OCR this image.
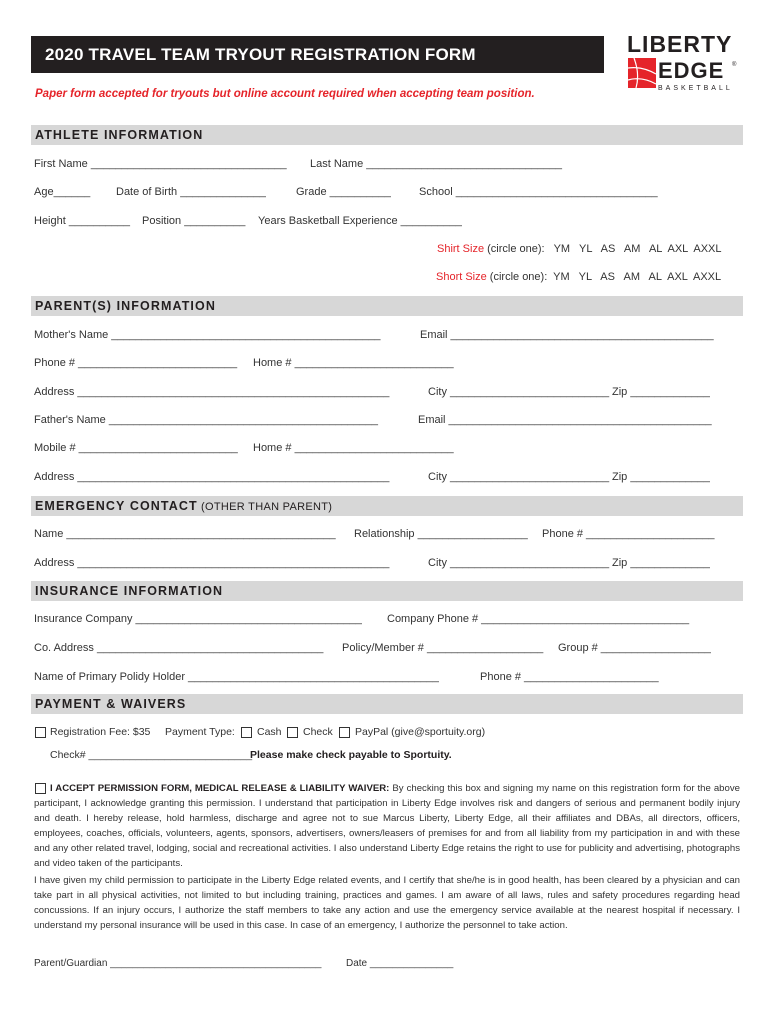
2020 TRAVEL TEAM TRYOUT REGISTRATION FORM	LIBERTY
EDGE ®
BASKETBALL
Paper form accepted for tryouts but online account required when accepting team position.
ATHLETE INFORMATION
First Name ________________________________ Last Name ________________________________
Age______ Date of Birth ______________	Grade __________	School _________________________________
Height __________ Position __________ Years Basketball Experience __________
Shirt Size (circle one):   YM   YL   AS   AM   AL  AXL  AXXL
Short Size (circle one):  YM   YL   AS   AM   AL  AXL  AXXL
PARENT(S) INFORMATION
Mother's Name ____________________________________________	Email ___________________________________________
Phone # __________________________ Home # __________________________
Address ___________________________________________________	City __________________________ Zip _____________
Father's Name ____________________________________________	Email ___________________________________________
Mobile # __________________________ Home # __________________________
Address ___________________________________________________	City __________________________ Zip _____________
EMERGENCY CONTACT (OTHER THAN PARENT)
Name ____________________________________________ Relationship __________________ Phone # _____________________
Address ___________________________________________________	City __________________________ Zip _____________
INSURANCE INFORMATION
Insurance Company _____________________________________ Company Phone # __________________________________
Co. Address _____________________________________ Policy/Member # ___________________ Group # __________________
Name of Primary Polidy Holder _________________________________________	Phone # ______________________
PAYMENT & WAIVERS
Registration Fee: $35 Payment Type: Cash Check PayPal (give@sportuity.org)
Check# ____________________________
Please make check payable to Sportuity.
I ACCEPT PERMISSION FORM, MEDICAL RELEASE & LIABILITY WAIVER: By checking this box and signing my name on this registration form for the above participant, I acknowledge granting this permission. I understand that participation in Liberty Edge involves risk and dangers of serious and permanent bodily injury and death. I hereby release, hold harmless, discharge and agree not to sue Marcus Liberty, Liberty Edge, all their affiliates and DBAs, all directors, officers, employees, coaches, officials, volunteers, agents, sponsors, advertisers, owners/leasers of premises for and from all liability from my participation in and with these and any other related travel, lodging, social and recreational activities. I also understand Liberty Edge retains the right to use for publicity and advertising, photographs and video taken of the participants.
I have given my child permission to participate in the Liberty Edge related events, and I certify that she/he is in good health, has been cleared by a physician and can take part in all physical activities, not limited to but including training, practices and games. I am aware of all laws, rules and safety procedures regarding head concussions. If an injury occurs, I authorize the staff members to take any action and use the emergency service available at the nearest hospital if necessary. I understand my personal insurance will be used in this case. In case of an emergency, I authorize the personnel to take action.
Parent/Guardian ______________________________________ Date _______________
